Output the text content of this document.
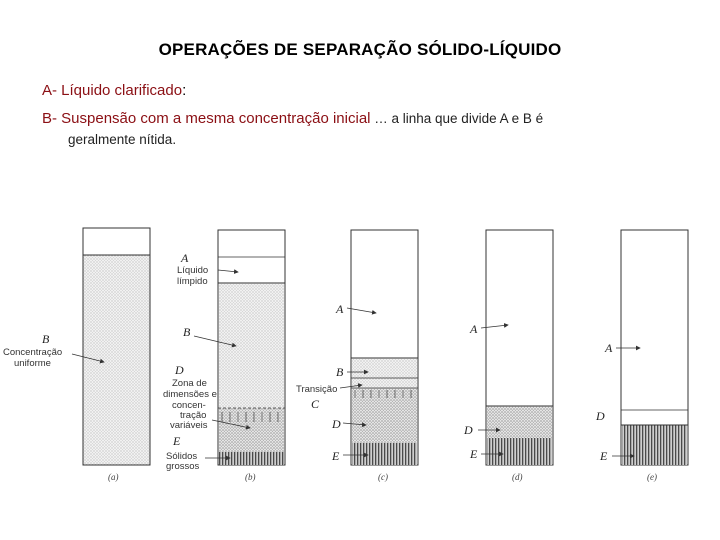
OPERAÇÕES DE SEPARAÇÃO SÓLIDO-LÍQUIDO
A- Líquido clarificado:
B- Suspensão com a mesma concentração inicial … a linha que divide A e B é
geralmente nítida.
B
Concentração
uniforme
(a)
A
Líquido
límpido
B
D
Zona de
dimensões e
concen-
tração
variáveis
E
Sólidos
grossos
(b)
A
B
Transição
C
D
E
(c)
A
D
E
(d)
A
D
E
(e)
